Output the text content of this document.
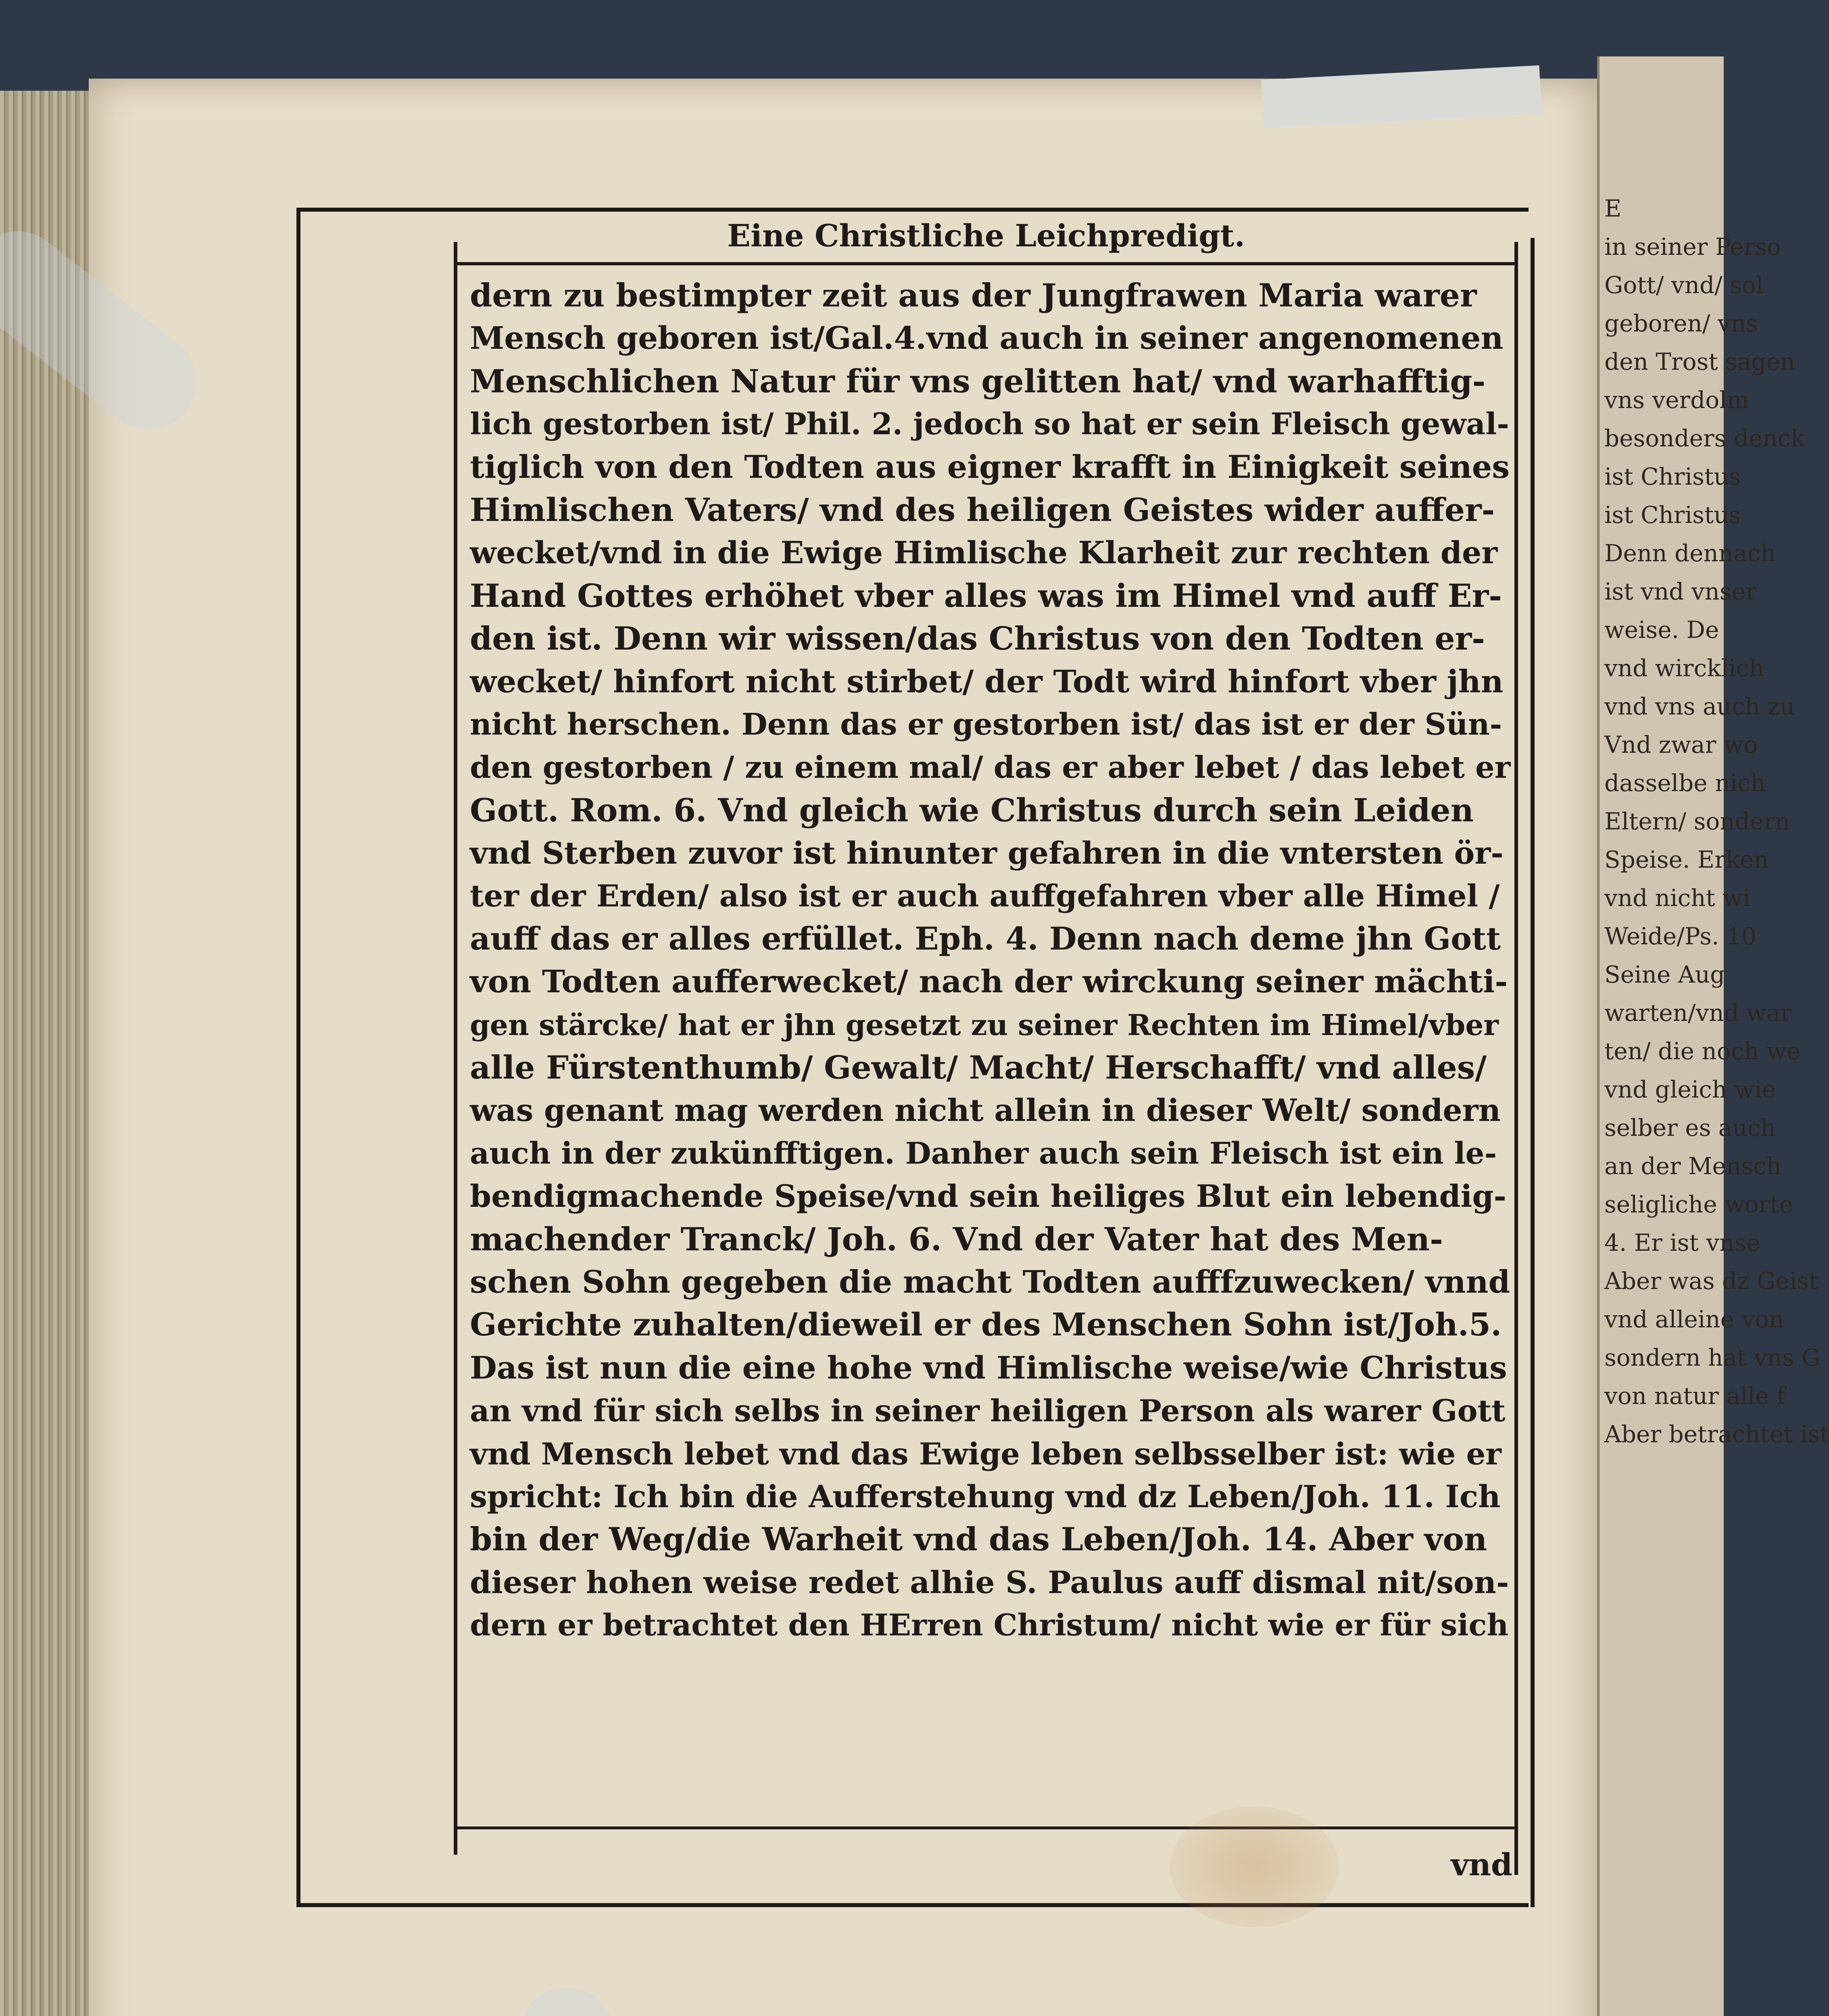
E
in seiner Perso
Gott/ vnd/ sol
geboren/ vns
den Trost sagen
vns verdolm
besonders denck
ist Christus
ist Christus
Denn dennach
ist vnd vnser
weise. De
vnd wircklich
vnd vns auch zu
Vnd zwar wo
dasselbe nich
Eltern/ sondern
Speise. Erken
vnd nicht wi
Weide/Ps. 10
Seine Aug
warten/vnd war
ten/ die noch we
vnd gleich wie
selber es auch
an der Mensch
seligliche worte
4. Er ist vnse
Aber was dz Geist
vnd alleine von
sondern hat vns G
von natur alle f
Aber betrachtet ist
Eine Christliche Leichpredigt.
dern zu bestimpter zeit aus der Jungfrawen Maria warer
Mensch geboren ist/Gal.4.vnd auch in seiner angenomenen
Menschlichen Natur für vns gelitten hat/ vnd warhafftig-
lich gestorben ist/ Phil. 2. jedoch so hat er sein Fleisch gewal-
tiglich von den Todten aus eigner krafft in Einigkeit seines
Himlischen Vaters/ vnd des heiligen Geistes wider auffer-
wecket/vnd in die Ewige Himlische Klarheit zur rechten der
Hand Gottes erhöhet vber alles was im Himel vnd auff Er-
den ist. Denn wir wissen/das Christus von den Todten er-
wecket/ hinfort nicht stirbet/ der Todt wird hinfort vber jhn
nicht herschen. Denn das er gestorben ist/ das ist er der Sün-
den gestorben / zu einem mal/ das er aber lebet / das lebet er
Gott. Rom. 6. Vnd gleich wie Christus durch sein Leiden
vnd Sterben zuvor ist hinunter gefahren in die vntersten ör-
ter der Erden/ also ist er auch auffgefahren vber alle Himel /
auff das er alles erfüllet. Eph. 4. Denn nach deme jhn Gott
von Todten aufferwecket/ nach der wirckung seiner mächti-
gen stärcke/ hat er jhn gesetzt zu seiner Rechten im Himel/vber
alle Fürstenthumb/ Gewalt/ Macht/ Herschafft/ vnd alles/
was genant mag werden nicht allein in dieser Welt/ sondern
auch in der zukünfftigen. Danher auch sein Fleisch ist ein le-
bendigmachende Speise/vnd sein heiliges Blut ein lebendig-
machender Tranck/ Joh. 6. Vnd der Vater hat des Men-
schen Sohn gegeben die macht Todten aufffzuwecken/ vnnd
Gerichte zuhalten/dieweil er des Menschen Sohn ist/Joh.5.
Das ist nun die eine hohe vnd Himlische weise/wie Christus
an vnd für sich selbs in seiner heiligen Person als warer Gott
vnd Mensch lebet vnd das Ewige leben selbsselber ist: wie er
spricht: Ich bin die Aufferstehung vnd dz Leben/Joh. 11. Ich
bin der Weg/die Warheit vnd das Leben/Joh. 14. Aber von
dieser hohen weise redet alhie S. Paulus auff dismal nit/son-
dern er betrachtet den HErren Christum/ nicht wie er für sich
vnd
